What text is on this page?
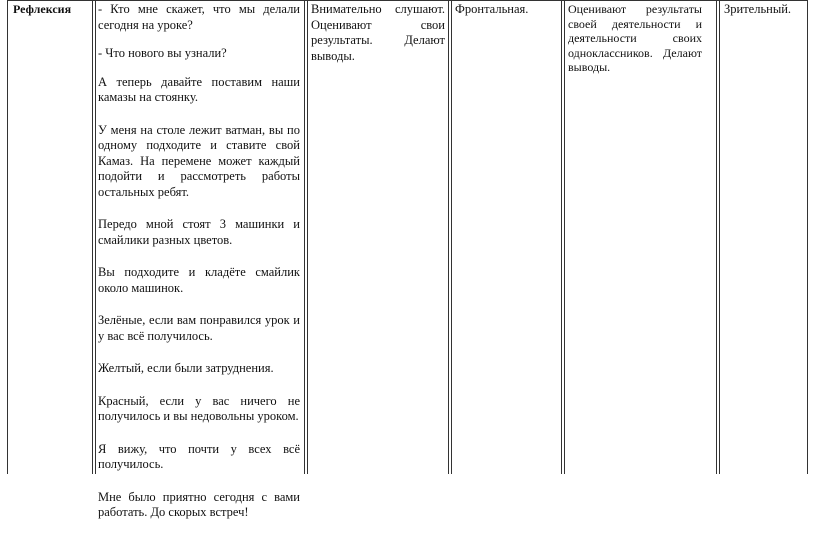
Рефлексия	- Кто мне скажет, что мы делали сегодня на уроке?

- Что нового вы узнали?

А теперь давайте поставим наши камазы на стоянку.

У меня на столе лежит ватман, вы по одному подходите и ставите свой Камаз. На перемене может каждый подойти и рассмотреть работы остальных ребят.

Передо мной стоят 3 машинки и смайлики разных цветов.

Вы подходите и кладёте смайлик около машинок.

Зелёные, если вам понравился урок и у вас всё получилось.

Желтый, если были затруднения.

Красный, если у вас ничего не получилось и вы недовольны уроком.

Я вижу, что почти у всех всё получилось.

Мне было приятно сегодня с вами работать. До скорых встреч!

Внимательно слушают. Оценивают свои результаты. Делают выводы.

Фронтальная.	Оценивают результаты своей деятельности и деятельности своих одноклассников. Делают выводы.

Зрительный.
